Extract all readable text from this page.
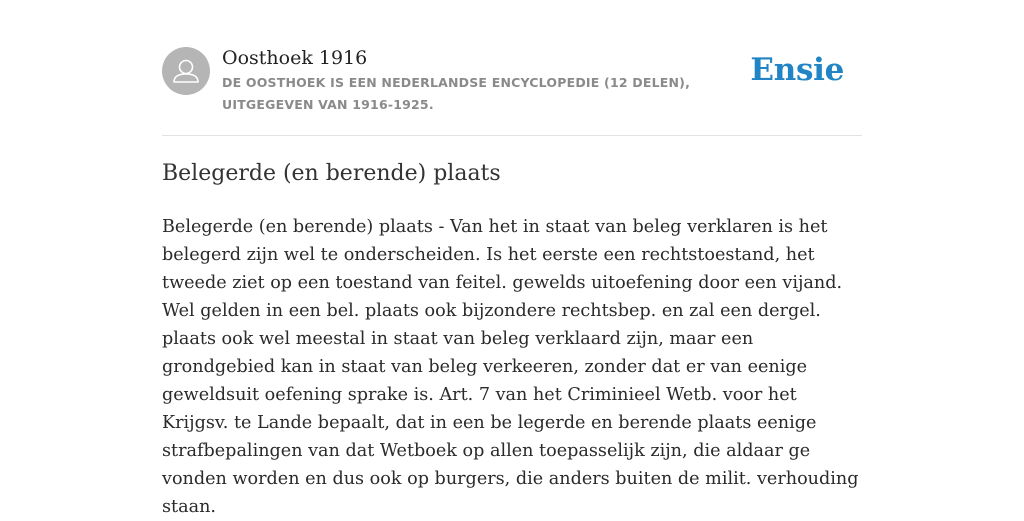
Oosthoek 1916
DE OOSTHOEK IS EEN NEDERLANDSE ENCYCLOPEDIE (12 DELEN), UITGEGEVEN VAN 1916-1925.
Ensie
Belegerde (en berende) plaats

Belegerde (en berende) plaats - Van het in staat van beleg verklaren is het belegerd zijn wel te onderscheiden. Is het eerste een rechtstoestand, het tweede ziet op een toestand van feitel. gewelds uitoefening door een vijand. Wel gelden in een bel. plaats ook bijzondere rechtsbep. en zal een dergel. plaats ook wel meestal in staat van beleg verklaard zijn, maar een grondgebied kan in staat van beleg verkeeren, zonder dat er van eenige geweldsuit oefening sprake is. Art. 7 van het Criminieel Wetb. voor het Krijgsv. te Lande bepaalt, dat in een be legerde en berende plaats eenige strafbepalingen van dat Wetboek op allen toepasselijk zijn, die aldaar ge vonden worden en dus ook op burgers, die anders buiten de milit. verhouding staan.
